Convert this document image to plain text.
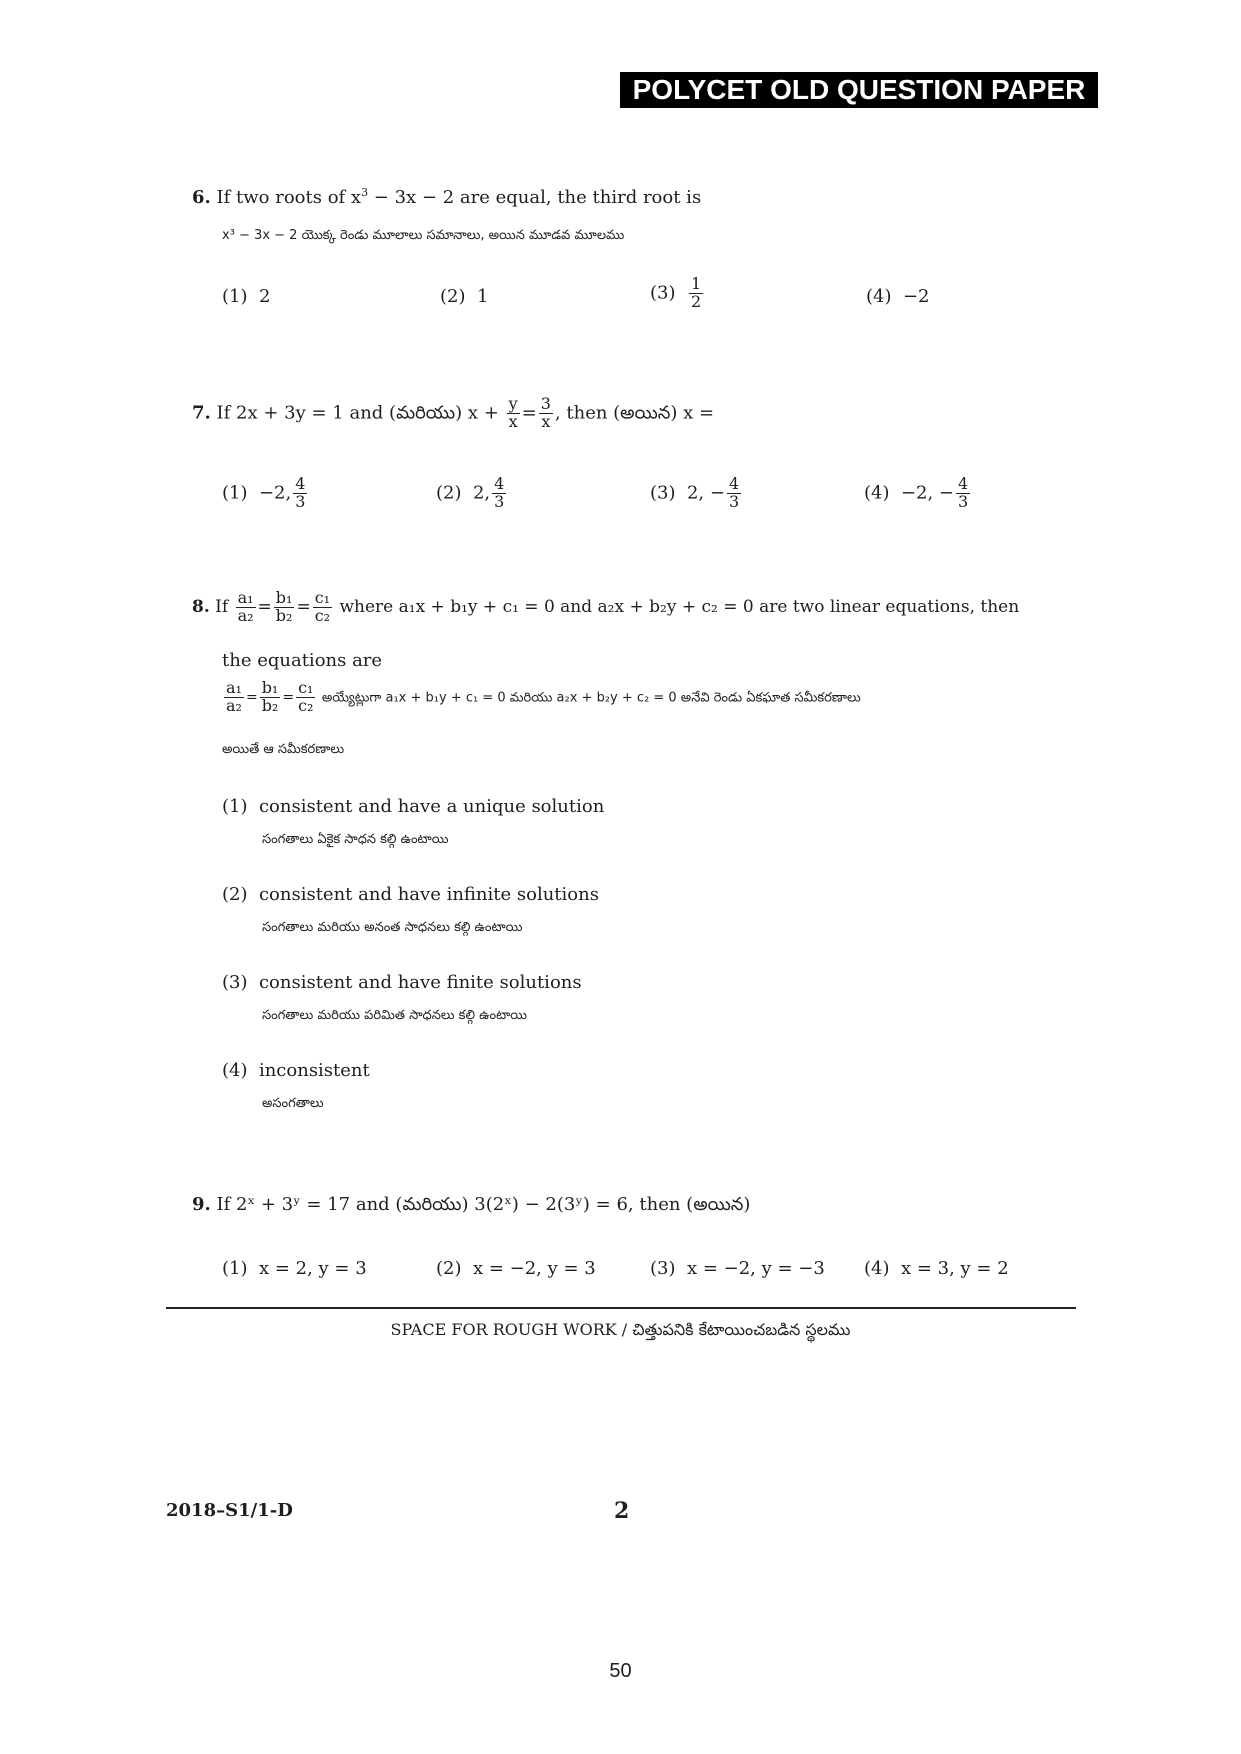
POLYCET OLD QUESTION PAPER
6. If two roots of $x^3 - 3x - 2$ are equal, the third root is
x³ − 3x − 2 యొక్క రెండు మూలాలు సమానాలు, అయిన మూడవ మూలము
(1) 2	(2) 1	$(3) \frac{1}{2}$	(4) −2
7. If 2x + 3y = 1 and (మరియు) $x + \frac{y}{x} = \frac{3}{x}$ , then (అయిన) x =
(1) −2, $\frac{4}{3}$	(2) 2, $\frac{4}{3}$	(3) 2, − $\frac{4}{3}$	(4) −2, − $\frac{4}{3}$
8. If $\frac{\text{a₁}}{\text{a₂}} = \frac{\text{b₁}}{\text{b₂}} = \frac{\text{c₁}}{\text{c₂}}$ where a₁x + b₁y + c₁ = 0 and a₂x + b₂y + c₂ = 0 are two linear equations, then
the equations are
$\frac{\text{a₁}}{\text{a₂}} = \frac{\text{b₁}}{\text{b₂}} = \frac{\text{c₁}}{\text{c₂}}$ అయ్యేట్లుగా a₁x + b₁y + c₁ = 0 మరియు a₂x + b₂y + c₂ = 0 అనేవి రెండు ఏకఘాత సమీకరణాలు
అయితే ఆ సమీకరణాలు
(1) consistent and have a unique solution
సంగతాలు ఏకైక సాధన కల్గి ఉంటాయి
(2) consistent and have infinite solutions
సంగతాలు మరియు అనంత సాధనలు కల్గి ఉంటాయి
(3) consistent and have finite solutions
సంగతాలు మరియు పరిమిత సాధనలు కల్గి ఉంటాయి
(4) inconsistent
అసంగతాలు
9. If 2ˣ + 3ʸ = 17 and (మరియు) 3(2ˣ) − 2(3ʸ) = 6, then (అయిన)
(1) x = 2, y = 3	(2) x = −2, y = 3	(3) x = −2, y = −3 (4) x = 3, y = 2
SPACE FOR ROUGH WORK / చిత్తుపనికి కేటాయించబడిన స్థలము
2018–S1/1-D	2
50
